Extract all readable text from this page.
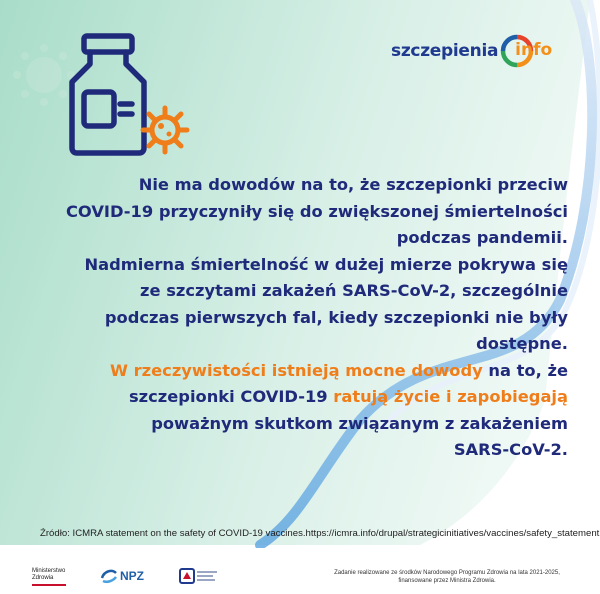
szczepienia info
Nie ma dowodów na to, że szczepionki przeciw
COVID-19 przyczyniły się do zwiększonej śmiertelności
podczas pandemii.
Nadmierna śmiertelność w dużej mierze pokrywa się
ze szczytami zakażeń SARS-CoV-2, szczególnie
podczas pierwszych fal, kiedy szczepionki nie były
dostępne.
W rzeczywistości istnieją mocne dowody na to, że
szczepionki COVID-19 ratują życie i zapobiegają
poważnym skutkom związanym z zakażeniem
SARS-CoV-2.
Źródło: ICMRA statement on the safety of COVID-19 vaccines.https://icmra.info/drupal/strategicinitiatives/vaccines/safety_statement
Ministerstwo
Zdrowia	NPZ	Zadanie realizowane ze środków Narodowego Programu Zdrowia na lata 2021-2025,
finansowane przez Ministra Zdrowia.
